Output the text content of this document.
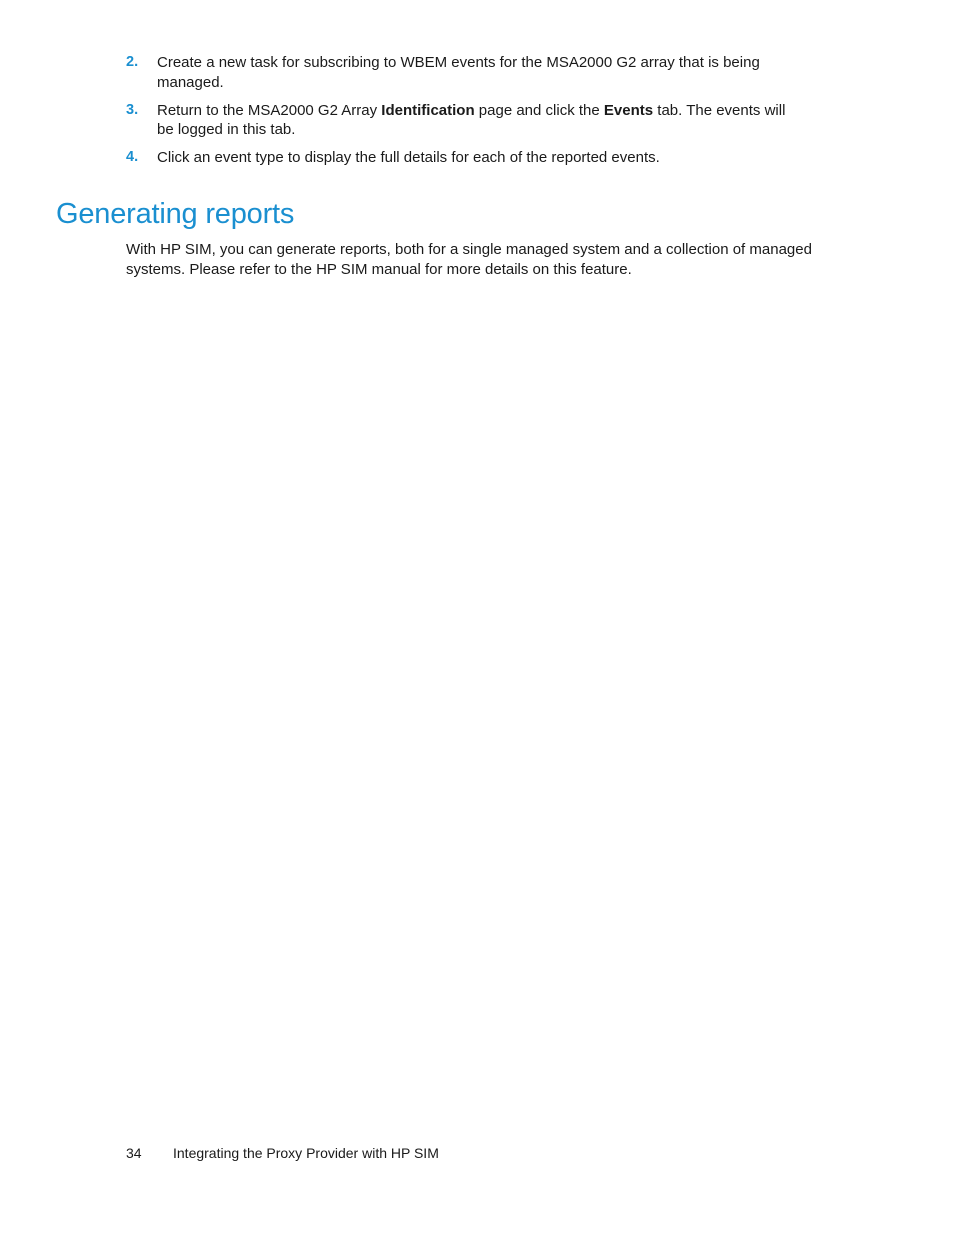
2. Create a new task for subscribing to WBEM events for the MSA2000 G2 array that is being managed.
3. Return to the MSA2000 G2 Array Identification page and click the Events tab. The events will be logged in this tab.
4. Click an event type to display the full details for each of the reported events.
Generating reports

With HP SIM, you can generate reports, both for a single managed system and a collection of managed systems. Please refer to the HP SIM manual for more details on this feature.

34 Integrating the Proxy Provider with HP SIM
